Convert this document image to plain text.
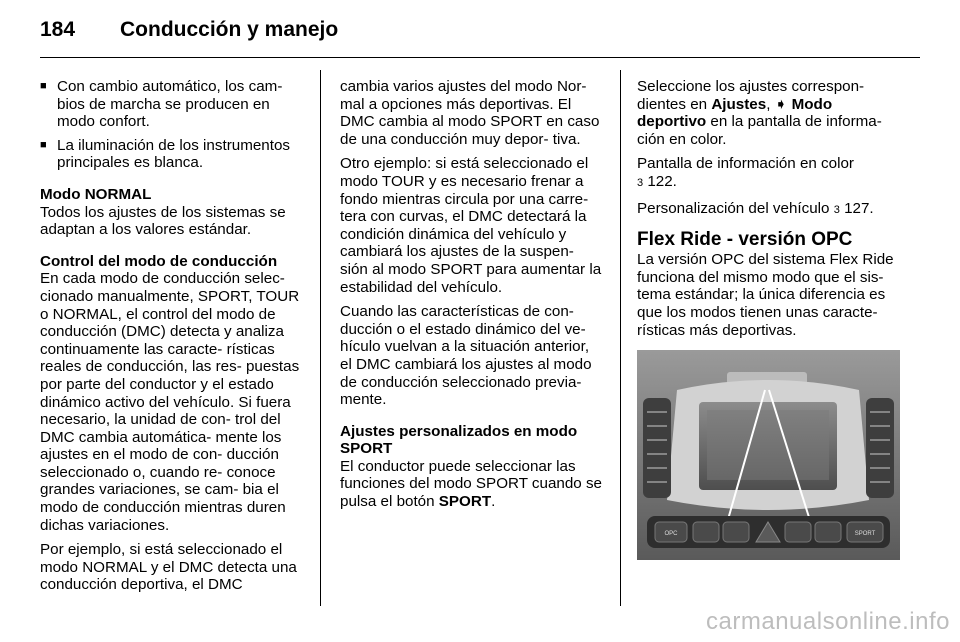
184 Conducción y manejo
■ Con cambio automático, los cam- bios de marcha se producen en modo confort.
■ La iluminación de los instrumentos principales es blanca.
Modo NORMAL

Todos los ajustes de los sistemas se adaptan a los valores estándar.

Control del modo de conducción

En cada modo de conducción selec- cionado manualmente, SPORT, TOUR o NORMAL, el control del modo de conducción (DMC) detecta y analiza continuamente las caracte- rísticas reales de conducción, las res- puestas por parte del conductor y el estado dinámico activo del vehículo. Si fuera necesario, la unidad de con- trol del DMC cambia automática- mente los ajustes en el modo de con- ducción seleccionado o, cuando re- conoce grandes variaciones, se cam- bia el modo de conducción mientras duren dichas variaciones.

Por ejemplo, si está seleccionado el modo NORMAL y el DMC detecta una conducción deportiva, el DMC

cambia varios ajustes del modo Nor- mal a opciones más deportivas. El DMC cambia al modo SPORT en caso de una conducción muy depor- tiva.

Otro ejemplo: si está seleccionado el modo TOUR y es necesario frenar a fondo mientras circula por una carre- tera con curvas, el DMC detectará la condición dinámica del vehículo y cambiará los ajustes de la suspen- sión al modo SPORT para aumentar la estabilidad del vehículo.

Cuando las características de con- ducción o el estado dinámico del ve- hículo vuelvan a la situación anterior, el DMC cambiará los ajustes al modo de conducción seleccionado previa- mente.

Ajustes personalizados en modo SPORT

El conductor puede seleccionar las funciones del modo SPORT cuando se pulsa el botón SPORT.

Seleccione los ajustes correspon- dientes en Ajustes, ➧ Modo deportivo en la pantalla de informa- ción en color.

Pantalla de información en color
3 122.

Personalización del vehículo 3 127.

Flex Ride - versión OPC

La versión OPC del sistema Flex Ride funciona del mismo modo que el sis- tema estándar; la única diferencia es que los modos tienen unas caracte- rísticas más deportivas.

OPC	SPORT
carmanualsonline.info
